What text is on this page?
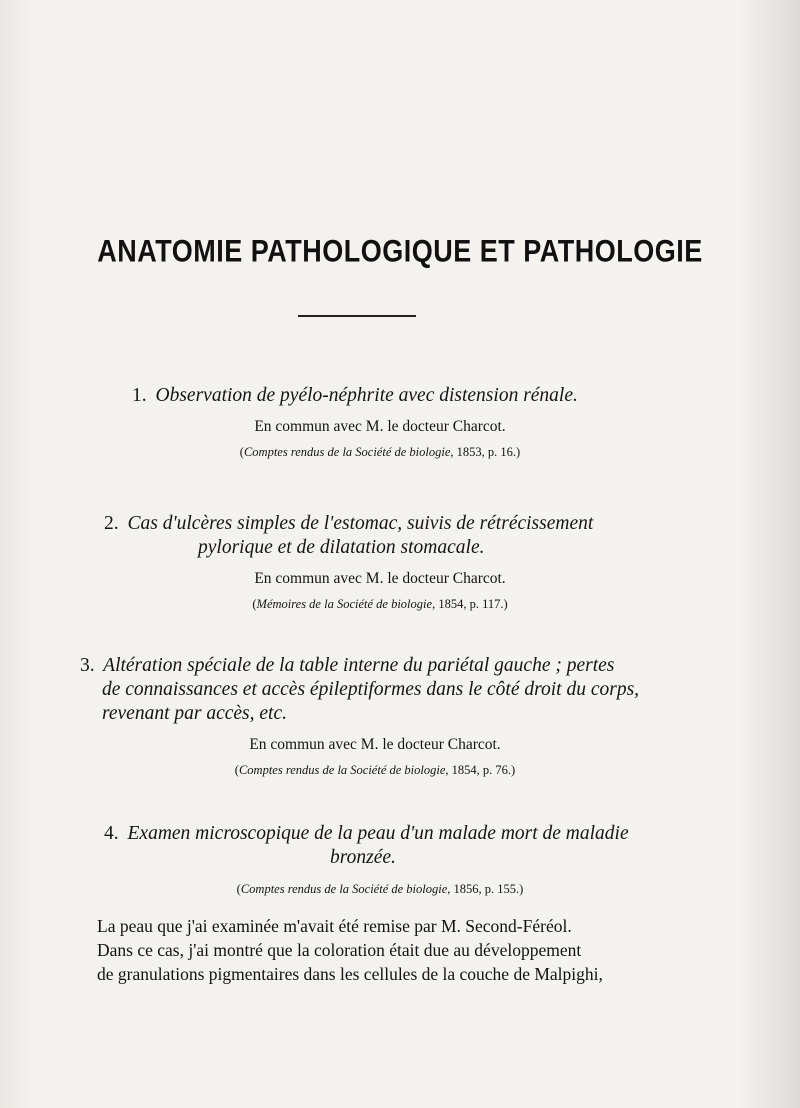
ANATOMIE PATHOLOGIQUE ET PATHOLOGIE
1. Observation de pyélo-néphrite avec distension rénale.
En commun avec M. le docteur Charcot.
(Comptes rendus de la Société de biologie, 1853, p. 16.)
2. Cas d'ulcères simples de l'estomac, suivis de rétrécissement
pylorique et de dilatation stomacale.
En commun avec M. le docteur Charcot.
(Mémoires de la Société de biologie, 1854, p. 117.)
3. Altération spéciale de la table interne du pariétal gauche ; pertes
de connaissances et accès épileptiformes dans le côté droit du corps,
revenant par accès, etc.
En commun avec M. le docteur Charcot.
(Comptes rendus de la Société de biologie, 1854, p. 76.)
4. Examen microscopique de la peau d'un malade mort de maladie
bronzée.
(Comptes rendus de la Société de biologie, 1856, p. 155.)
La peau que j'ai examinée m'avait été remise par M. Second-Féréol.
Dans ce cas, j'ai montré que la coloration était due au développement
de granulations pigmentaires dans les cellules de la couche de Malpighi,
